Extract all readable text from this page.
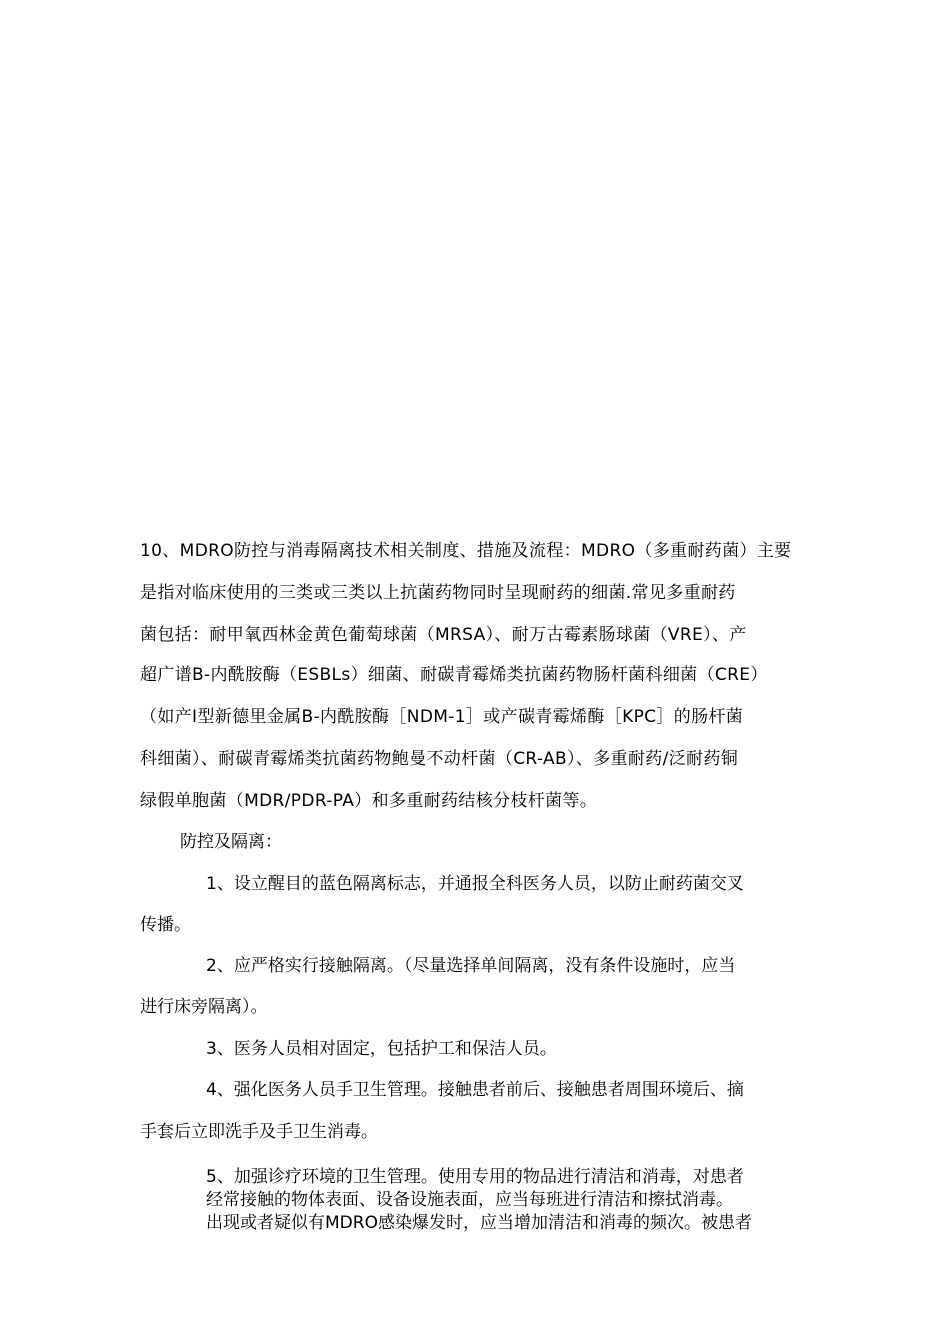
10、MDRO防控与消毒隔离技术相关制度、措施及流程：MDRO（多重耐药菌）主要
是指对临床使用的三类或三类以上抗菌药物同时呈现耐药的细菌.常见多重耐药
菌包括：耐甲氧西林金黄色葡萄球菌（MRSA）、耐万古霉素肠球菌（VRE）、产
超广谱B-内酰胺酶（ESBLs）细菌、耐碳青霉烯类抗菌药物肠杆菌科细菌（CRE）
（如产Ⅰ型新德里金属B-内酰胺酶［NDM-1］或产碳青霉烯酶［KPC］的肠杆菌
科细菌）、耐碳青霉烯类抗菌药物鲍曼不动杆菌（CR-AB）、多重耐药/泛耐药铜
绿假单胞菌（MDR/PDR-PA）和多重耐药结核分枝杆菌等。
防控及隔离：
1、设立醒目的蓝色隔离标志，并通报全科医务人员，以防止耐药菌交叉
传播。
2、应严格实行接触隔离。（尽量选择单间隔离，没有条件设施时，应当
进行床旁隔离）。
3、医务人员相对固定，包括护工和保洁人员。
4、强化医务人员手卫生管理。接触患者前后、接触患者周围环境后、摘
手套后立即洗手及手卫生消毒。
5、加强诊疗环境的卫生管理。使用专用的物品进行清洁和消毒，对患者
经常接触的物体表面、设备设施表面，应当每班进行清洁和擦拭消毒。
出现或者疑似有MDRO感染爆发时，应当增加清洁和消毒的频次。被患者
